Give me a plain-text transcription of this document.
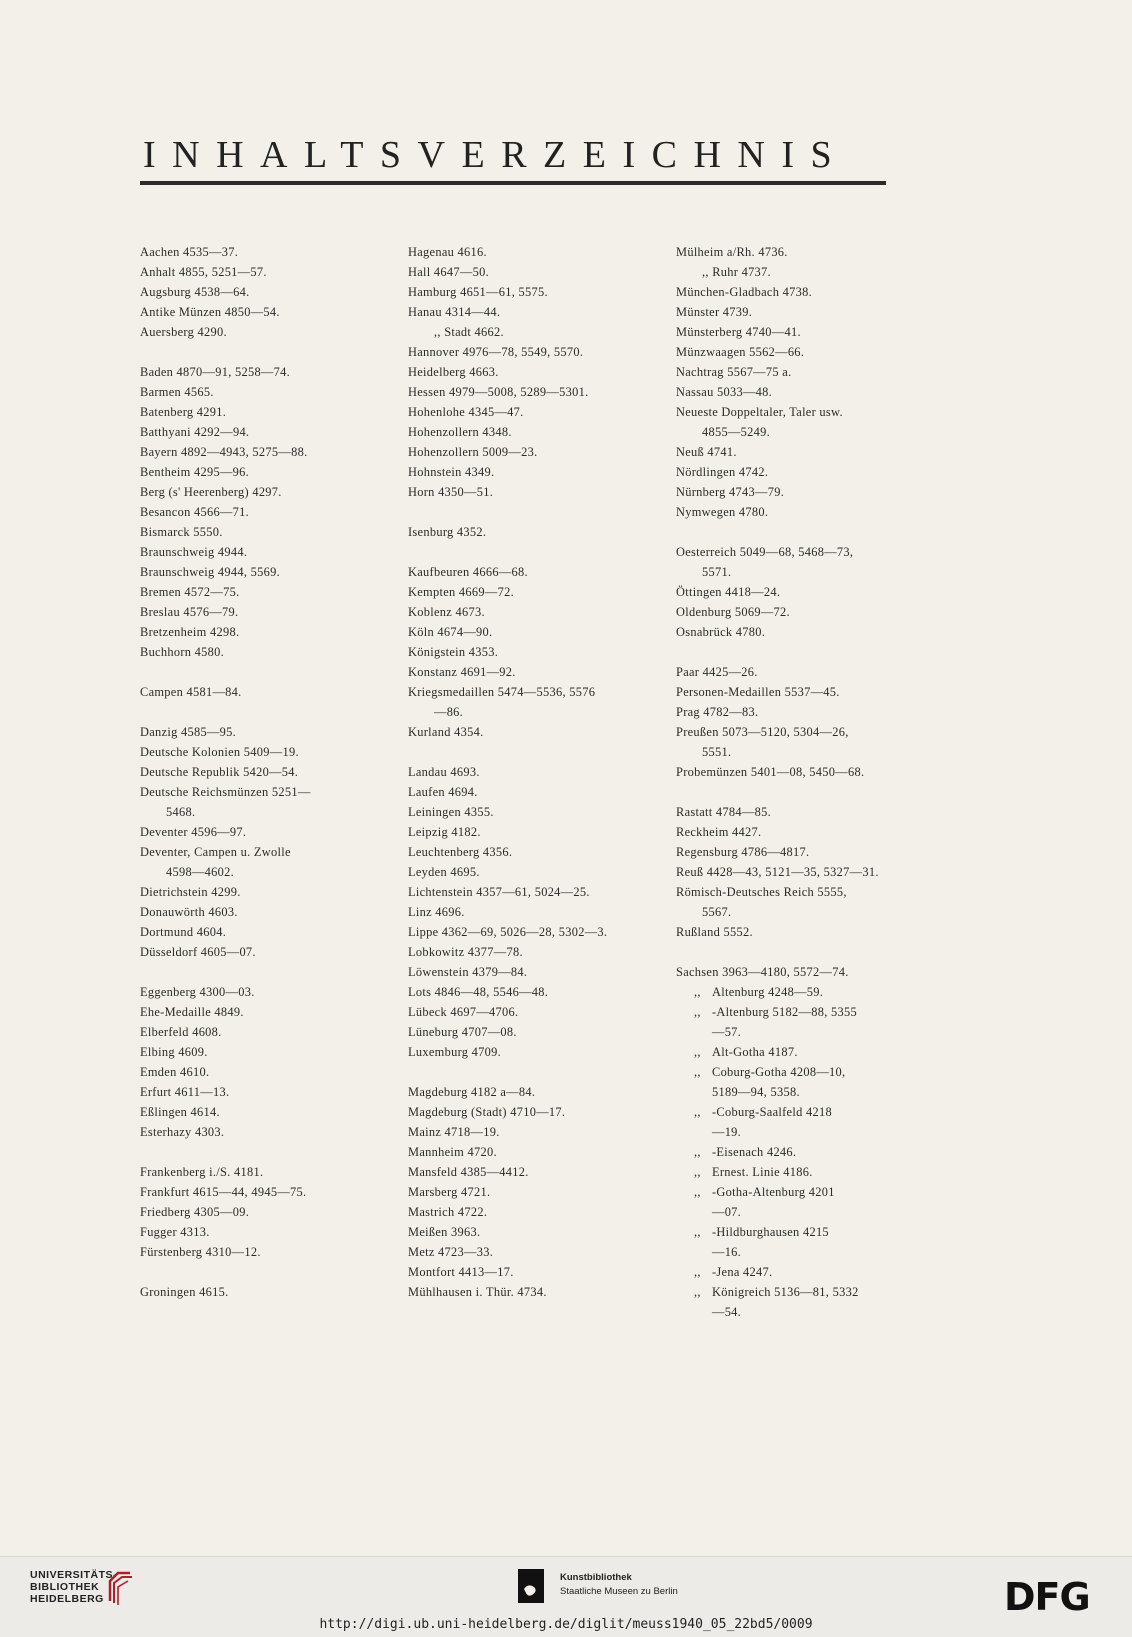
INHALTSVERZEICHNIS
Aachen 4535—37.
Anhalt 4855, 5251—57.
Augsburg 4538—64.
Antike Münzen 4850—54.
Auersberg 4290.
Baden 4870—91, 5258—74.
Barmen 4565.
Batenberg 4291.
Batthyani 4292—94.
Bayern 4892—4943, 5275—88.
Bentheim 4295—96.
Berg (s' Heerenberg) 4297.
Besancon 4566—71.
Bismarck 5550.
Braunschweig 4944.
Braunschweig 4944, 5569.
Bremen 4572—75.
Breslau 4576—79.
Bretzenheim 4298.
Buchhorn 4580.
Campen 4581—84.
Danzig 4585—95.
Deutsche Kolonien 5409—19.
Deutsche Republik 5420—54.
Deutsche Reichsmünzen 5251—
5468.
Deventer 4596—97.
Deventer, Campen u. Zwolle
4598—4602.
Dietrichstein 4299.
Donauwörth 4603.
Dortmund 4604.
Düsseldorf 4605—07.
Eggenberg 4300—03.
Ehe-Medaille 4849.
Elberfeld 4608.
Elbing 4609.
Emden 4610.
Erfurt 4611—13.
Eßlingen 4614.
Esterhazy 4303.
Frankenberg i./S. 4181.
Frankfurt 4615—44, 4945—75.
Friedberg 4305—09.
Fugger 4313.
Fürstenberg 4310—12.
Groningen 4615.
Hagenau 4616.
Hall 4647—50.
Hamburg 4651—61, 5575.
Hanau 4314—44.
,, Stadt 4662.
Hannover 4976—78, 5549, 5570.
Heidelberg 4663.
Hessen 4979—5008, 5289—5301.
Hohenlohe 4345—47.
Hohenzollern 4348.
Hohenzollern 5009—23.
Hohnstein 4349.
Horn 4350—51.
Isenburg 4352.
Kaufbeuren 4666—68.
Kempten 4669—72.
Koblenz 4673.
Köln 4674—90.
Königstein 4353.
Konstanz 4691—92.
Kriegsmedaillen 5474—5536, 5576
—86.
Kurland 4354.
Landau 4693.
Laufen 4694.
Leiningen 4355.
Leipzig 4182.
Leuchtenberg 4356.
Leyden 4695.
Lichtenstein 4357—61, 5024—25.
Linz 4696.
Lippe 4362—69, 5026—28, 5302—3.
Lobkowitz 4377—78.
Löwenstein 4379—84.
Lots 4846—48, 5546—48.
Lübeck 4697—4706.
Lüneburg 4707—08.
Luxemburg 4709.
Magdeburg 4182 a—84.
Magdeburg (Stadt) 4710—17.
Mainz 4718—19.
Mannheim 4720.
Mansfeld 4385—4412.
Marsberg 4721.
Mastrich 4722.
Meißen 3963.
Metz 4723—33.
Montfort 4413—17.
Mühlhausen i. Thür. 4734.
Mülheim a/Rh. 4736.
,, Ruhr 4737.
München-Gladbach 4738.
Münster 4739.
Münsterberg 4740—41.
Münzwaagen 5562—66.
Nachtrag 5567—75 a.
Nassau 5033—48.
Neueste Doppeltaler, Taler usw.
4855—5249.
Neuß 4741.
Nördlingen 4742.
Nürnberg 4743—79.
Nymwegen 4780.
Oesterreich 5049—68, 5468—73,
5571.
Öttingen 4418—24.
Oldenburg 5069—72.
Osnabrück 4780.
Paar 4425—26.
Personen-Medaillen 5537—45.
Prag 4782—83.
Preußen 5073—5120, 5304—26,
5551.
Probemünzen 5401—08, 5450—68.
Rastatt 4784—85.
Reckheim 4427.
Regensburg 4786—4817.
Reuß 4428—43, 5121—35, 5327—31.
Römisch-Deutsches Reich 5555,
5567.
Rußland 5552.
Sachsen 3963—4180, 5572—74.
,, Altenburg 4248—59.
,, -Altenburg 5182—88, 5355
—57.
,, Alt-Gotha 4187.
,, Coburg-Gotha 4208—10,
5189—94, 5358.
,, -Coburg-Saalfeld 4218
—19.
,, -Eisenach 4246.
,, Ernest. Linie 4186.
,, -Gotha-Altenburg 4201
—07.
,, -Hildburghausen 4215
—16.
,, -Jena 4247.
,, Königreich 5136—81, 5332
—54.
UNIVERSITÄTS-
BIBLIOTHEK
HEIDELBERG
Kunstbibliothek
Staatliche Museen zu Berlin	DFG
http://digi.ub.uni-heidelberg.de/diglit/meuss1940_05_22bd5/0009
